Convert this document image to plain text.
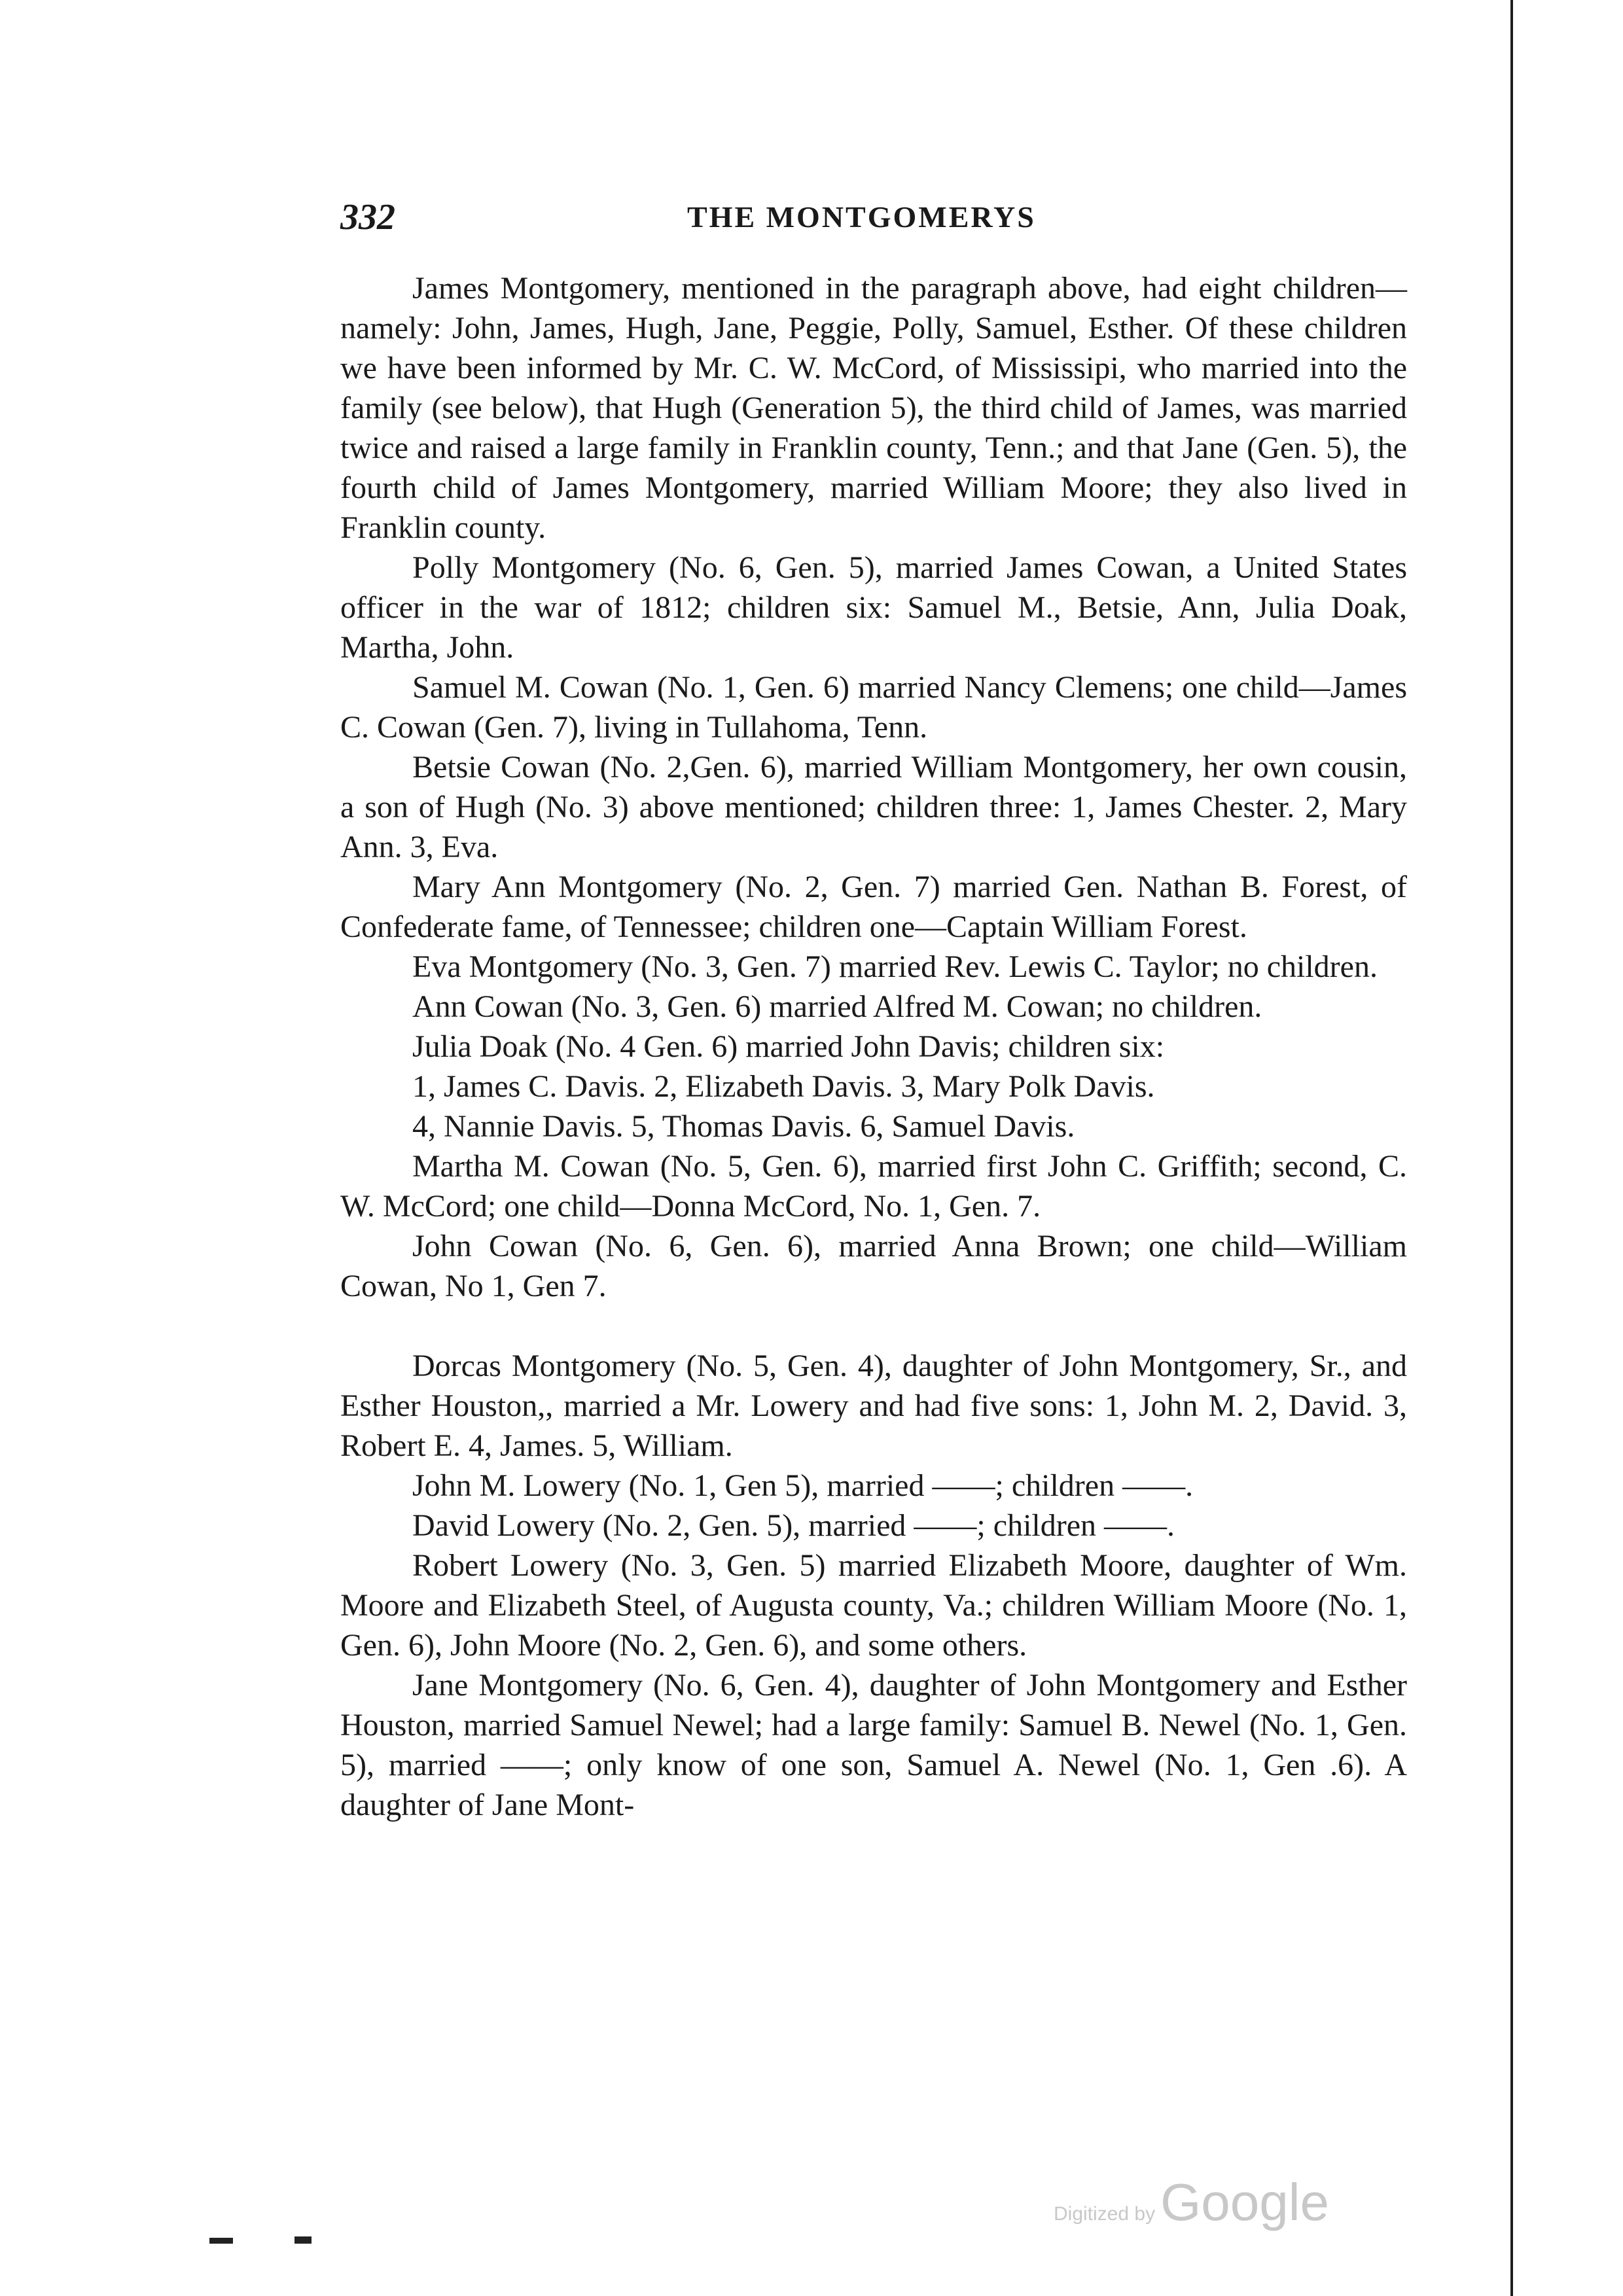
332	THE MONTGOMERYS

James Montgomery, mentioned in the paragraph above, had eight children—namely: John, James, Hugh, Jane, Peggie, Polly, Samuel, Esther. Of these children we have been informed by Mr. C. W. McCord, of Mississipi, who married into the family (see below), that Hugh (Generation 5), the third child of James, was married twice and raised a large family in Franklin county, Tenn.; and that Jane (Gen. 5), the fourth child of James Montgomery, married William Moore; they also lived in Franklin county.

Polly Montgomery (No. 6, Gen. 5), married James Cowan, a United States officer in the war of 1812; children six: Samuel M., Betsie, Ann, Julia Doak, Martha, John.

Samuel M. Cowan (No. 1, Gen. 6) married Nancy Clemens; one child—James C. Cowan (Gen. 7), living in Tullahoma, Tenn.

Betsie Cowan (No. 2,Gen. 6), married William Montgomery, her own cousin, a son of Hugh (No. 3) above mentioned; children three: 1, James Chester. 2, Mary Ann. 3, Eva.

Mary Ann Montgomery (No. 2, Gen. 7) married Gen. Nathan B. Forest, of Confederate fame, of Tennessee; children one—Captain William Forest.

Eva Montgomery (No. 3, Gen. 7) married Rev. Lewis C. Taylor; no children.

Ann Cowan (No. 3, Gen. 6) married Alfred M. Cowan; no children.

Julia Doak (No. 4 Gen. 6) married John Davis; children six:
1, James C. Davis. 2, Elizabeth Davis. 3, Mary Polk Davis.
4, Nannie Davis. 5, Thomas Davis. 6, Samuel Davis.

Martha M. Cowan (No. 5, Gen. 6), married first John C. Griffith; second, C. W. McCord; one child—Donna McCord, No. 1, Gen. 7.

John Cowan (No. 6, Gen. 6), married Anna Brown; one child—William Cowan, No 1, Gen 7.

Dorcas Montgomery (No. 5, Gen. 4), daughter of John Montgomery, Sr., and Esther Houston,, married a Mr. Lowery and had five sons: 1, John M. 2, David. 3, Robert E. 4, James. 5, William.

John M. Lowery (No. 1, Gen 5), married ——; children ——.

David Lowery (No. 2, Gen. 5), married ——; children ——.

Robert Lowery (No. 3, Gen. 5) married Elizabeth Moore, daughter of Wm. Moore and Elizabeth Steel, of Augusta county, Va.; children William Moore (No. 1, Gen. 6), John Moore (No. 2, Gen. 6), and some others.

Jane Montgomery (No. 6, Gen. 4), daughter of John Montgomery and Esther Houston, married Samuel Newel; had a large family: Samuel B. Newel (No. 1, Gen. 5), married ——; only know of one son, Samuel A. Newel (No. 1, Gen .6). A daughter of Jane Mont-

Digitized by Google
